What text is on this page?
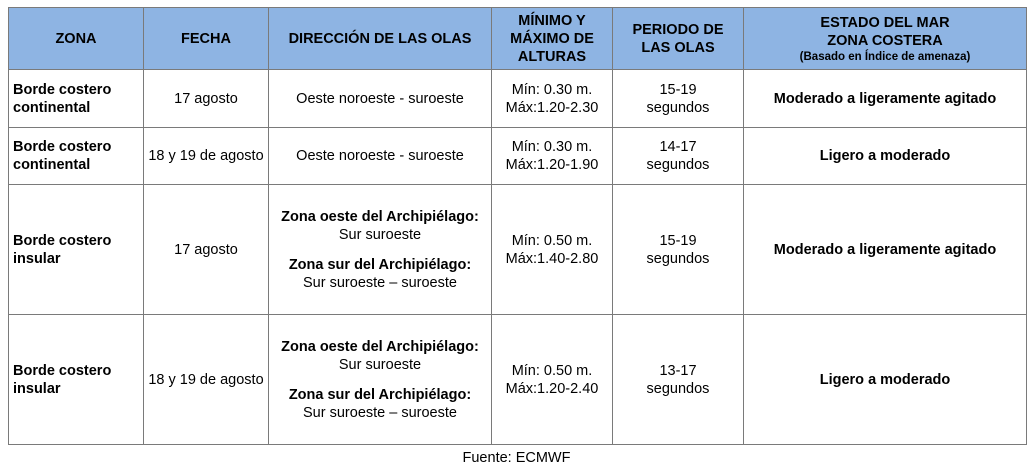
ZONA	FECHA	DIRECCIÓN DE LAS OLAS	MÍNIMO Y
MÁXIMO DE
ALTURAS	PERIODO DE
LAS OLAS	ESTADO DEL MAR
ZONA COSTERA
(Basado en Índice de amenaza)

Borde costero
continental	17 agosto	Oeste noroeste - suroeste	Mín: 0.30 m.
Máx:1.20-2.30	15-19
segundos	Moderado a ligeramente agitado

Borde costero
continental	18 y 19 de agosto	Oeste noroeste - suroeste	Mín: 0.30 m.
Máx:1.20-1.90	14-17
segundos	Ligero a moderado

Borde costero
insular	17 agosto	Zona oeste del Archipiélago:
Sur suroeste
Zona sur del Archipiélago:
Sur suroeste – suroeste	Mín: 0.50 m.
Máx:1.40-2.80	15-19
segundos	Moderado a ligeramente agitado

Borde costero
insular	18 y 19 de agosto	Zona oeste del Archipiélago:
Sur suroeste
Zona sur del Archipiélago:
Sur suroeste – suroeste	Mín: 0.50 m.
Máx:1.20-2.40	13-17
segundos	Ligero a moderado
Fuente: ECMWF
